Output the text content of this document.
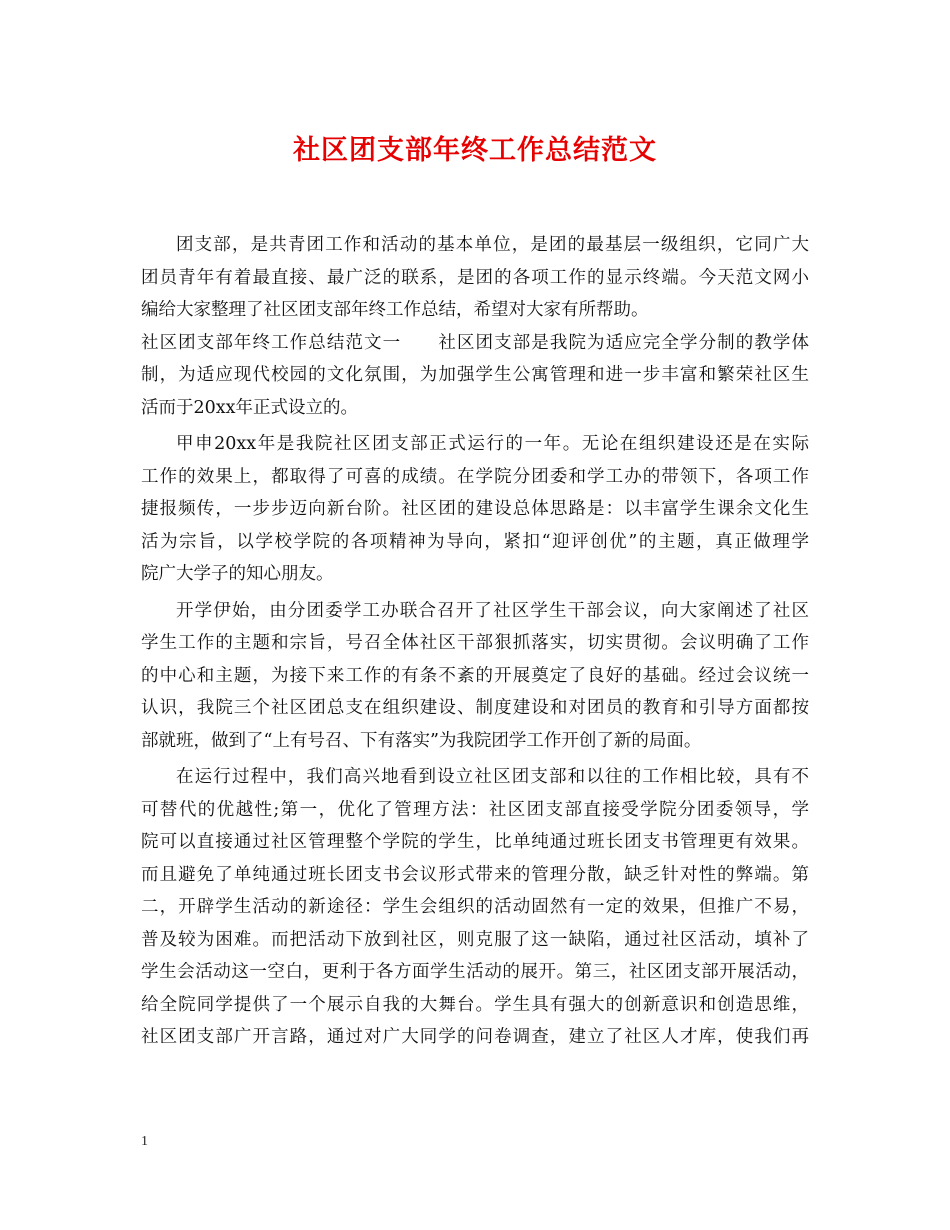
社区团支部年终工作总结范文
团支部，是共青团工作和活动的基本单位，是团的最基层一级组织，它同广大
团员青年有着最直接、最广泛的联系，是团的各项工作的显示终端。今天范文网小
编给大家整理了社区团支部年终工作总结，希望对大家有所帮助。
社区团支部年终工作总结范文一　　社区团支部是我院为适应完全学分制的教学体
制，为适应现代校园的文化氛围，为加强学生公寓管理和进一步丰富和繁荣社区生
活而于20xx年正式设立的。
甲申20xx年是我院社区团支部正式运行的一年。无论在组织建设还是在实际
工作的效果上，都取得了可喜的成绩。在学院分团委和学工办的带领下，各项工作
捷报频传，一步步迈向新台阶。社区团的建设总体思路是：以丰富学生课余文化生
活为宗旨，以学校学院的各项精神为导向，紧扣“迎评创优”的主题，真正做理学
院广大学子的知心朋友。
开学伊始，由分团委学工办联合召开了社区学生干部会议，向大家阐述了社区
学生工作的主题和宗旨，号召全体社区干部狠抓落实，切实贯彻。会议明确了工作
的中心和主题，为接下来工作的有条不紊的开展奠定了良好的基础。经过会议统一
认识，我院三个社区团总支在组织建设、制度建设和对团员的教育和引导方面都按
部就班，做到了“上有号召、下有落实”为我院团学工作开创了新的局面。
在运行过程中，我们高兴地看到设立社区团支部和以往的工作相比较，具有不
可替代的优越性;第一，优化了管理方法：社区团支部直接受学院分团委领导，学
院可以直接通过社区管理整个学院的学生，比单纯通过班长团支书管理更有效果。
而且避免了单纯通过班长团支书会议形式带来的管理分散，缺乏针对性的弊端。第
二，开辟学生活动的新途径：学生会组织的活动固然有一定的效果，但推广不易，
普及较为困难。而把活动下放到社区，则克服了这一缺陷，通过社区活动，填补了
学生会活动这一空白，更利于各方面学生活动的展开。第三，社区团支部开展活动，
给全院同学提供了一个展示自我的大舞台。学生具有强大的创新意识和创造思维，
社区团支部广开言路，通过对广大同学的问卷调查，建立了社区人才库，使我们再
1
